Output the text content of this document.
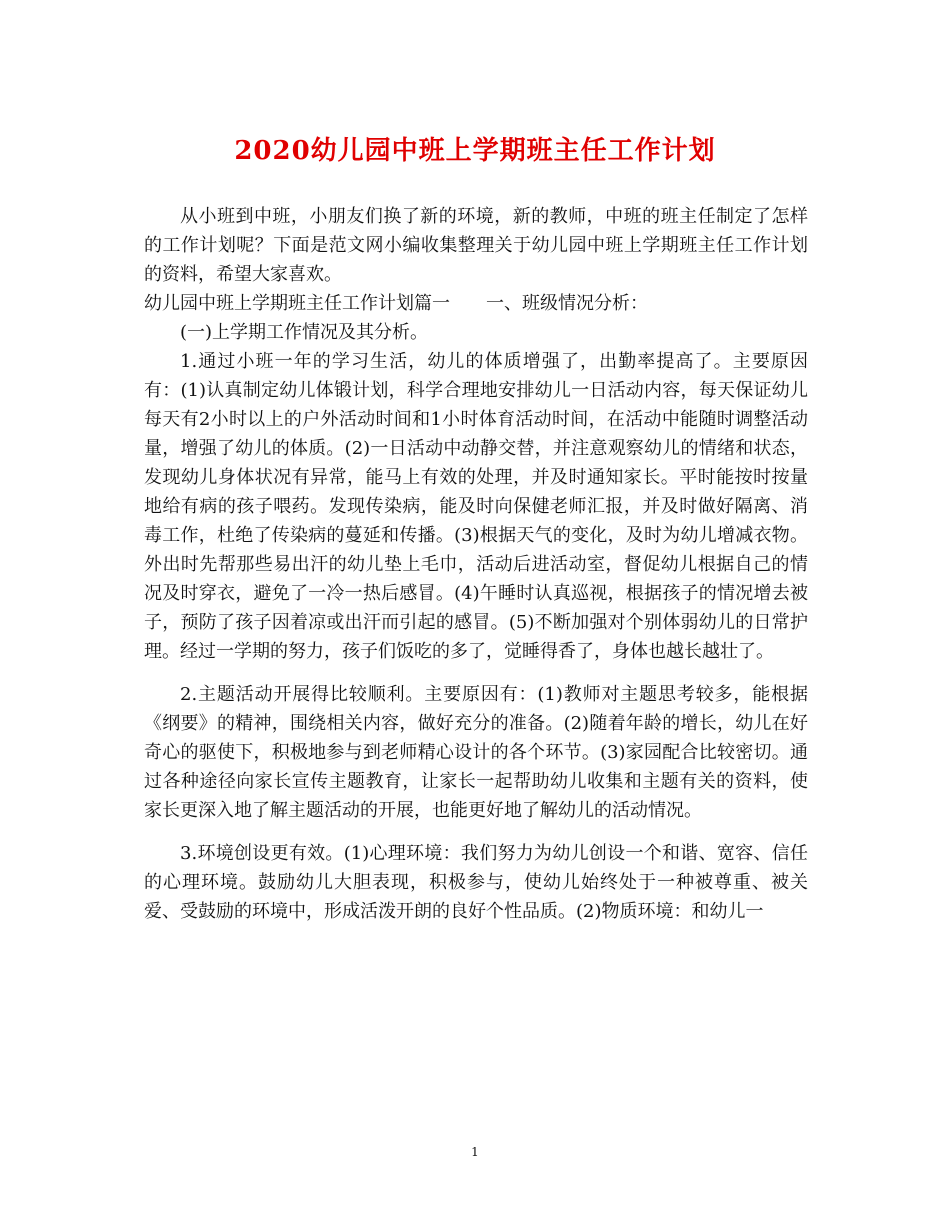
2020幼儿园中班上学期班主任工作计划

从小班到中班，小朋友们换了新的环境，新的教师，中班的班主任制定了怎样的工作计划呢？下面是范文网小编收集整理关于幼儿园中班上学期班主任工作计划的资料，希望大家喜欢。

幼儿园中班上学期班主任工作计划篇一　　一、班级情况分析：

(一)上学期工作情况及其分析。

1.通过小班一年的学习生活，幼儿的体质增强了，出勤率提高了。主要原因有：(1)认真制定幼儿体锻计划，科学合理地安排幼儿一日活动内容，每天保证幼儿每天有2小时以上的户外活动时间和1小时体育活动时间，在活动中能随时调整活动量，增强了幼儿的体质。(2)一日活动中动静交替，并注意观察幼儿的情绪和状态，发现幼儿身体状况有异常，能马上有效的处理，并及时通知家长。平时能按时按量地给有病的孩子喂药。发现传染病，能及时向保健老师汇报，并及时做好隔离、消毒工作，杜绝了传染病的蔓延和传播。(3)根据天气的变化，及时为幼儿增减衣物。外出时先帮那些易出汗的幼儿垫上毛巾，活动后进活动室，督促幼儿根据自己的情况及时穿衣，避免了一冷一热后感冒。(4)午睡时认真巡视，根据孩子的情况增去被子，预防了孩子因着凉或出汗而引起的感冒。(5)不断加强对个别体弱幼儿的日常护理。经过一学期的努力，孩子们饭吃的多了，觉睡得香了，身体也越长越壮了。

2.主题活动开展得比较顺利。主要原因有：(1)教师对主题思考较多，能根据《纲要》的精神，围绕相关内容，做好充分的准备。(2)随着年龄的增长，幼儿在好奇心的驱使下，积极地参与到老师精心设计的各个环节。(3)家园配合比较密切。通过各种途径向家长宣传主题教育，让家长一起帮助幼儿收集和主题有关的资料，使家长更深入地了解主题活动的开展，也能更好地了解幼儿的活动情况。

3.环境创设更有效。(1)心理环境：我们努力为幼儿创设一个和谐、宽容、信任的心理环境。鼓励幼儿大胆表现，积极参与，使幼儿始终处于一种被尊重、被关爱、受鼓励的环境中，形成活泼开朗的良好个性品质。(2)物质环境：和幼儿一

1
